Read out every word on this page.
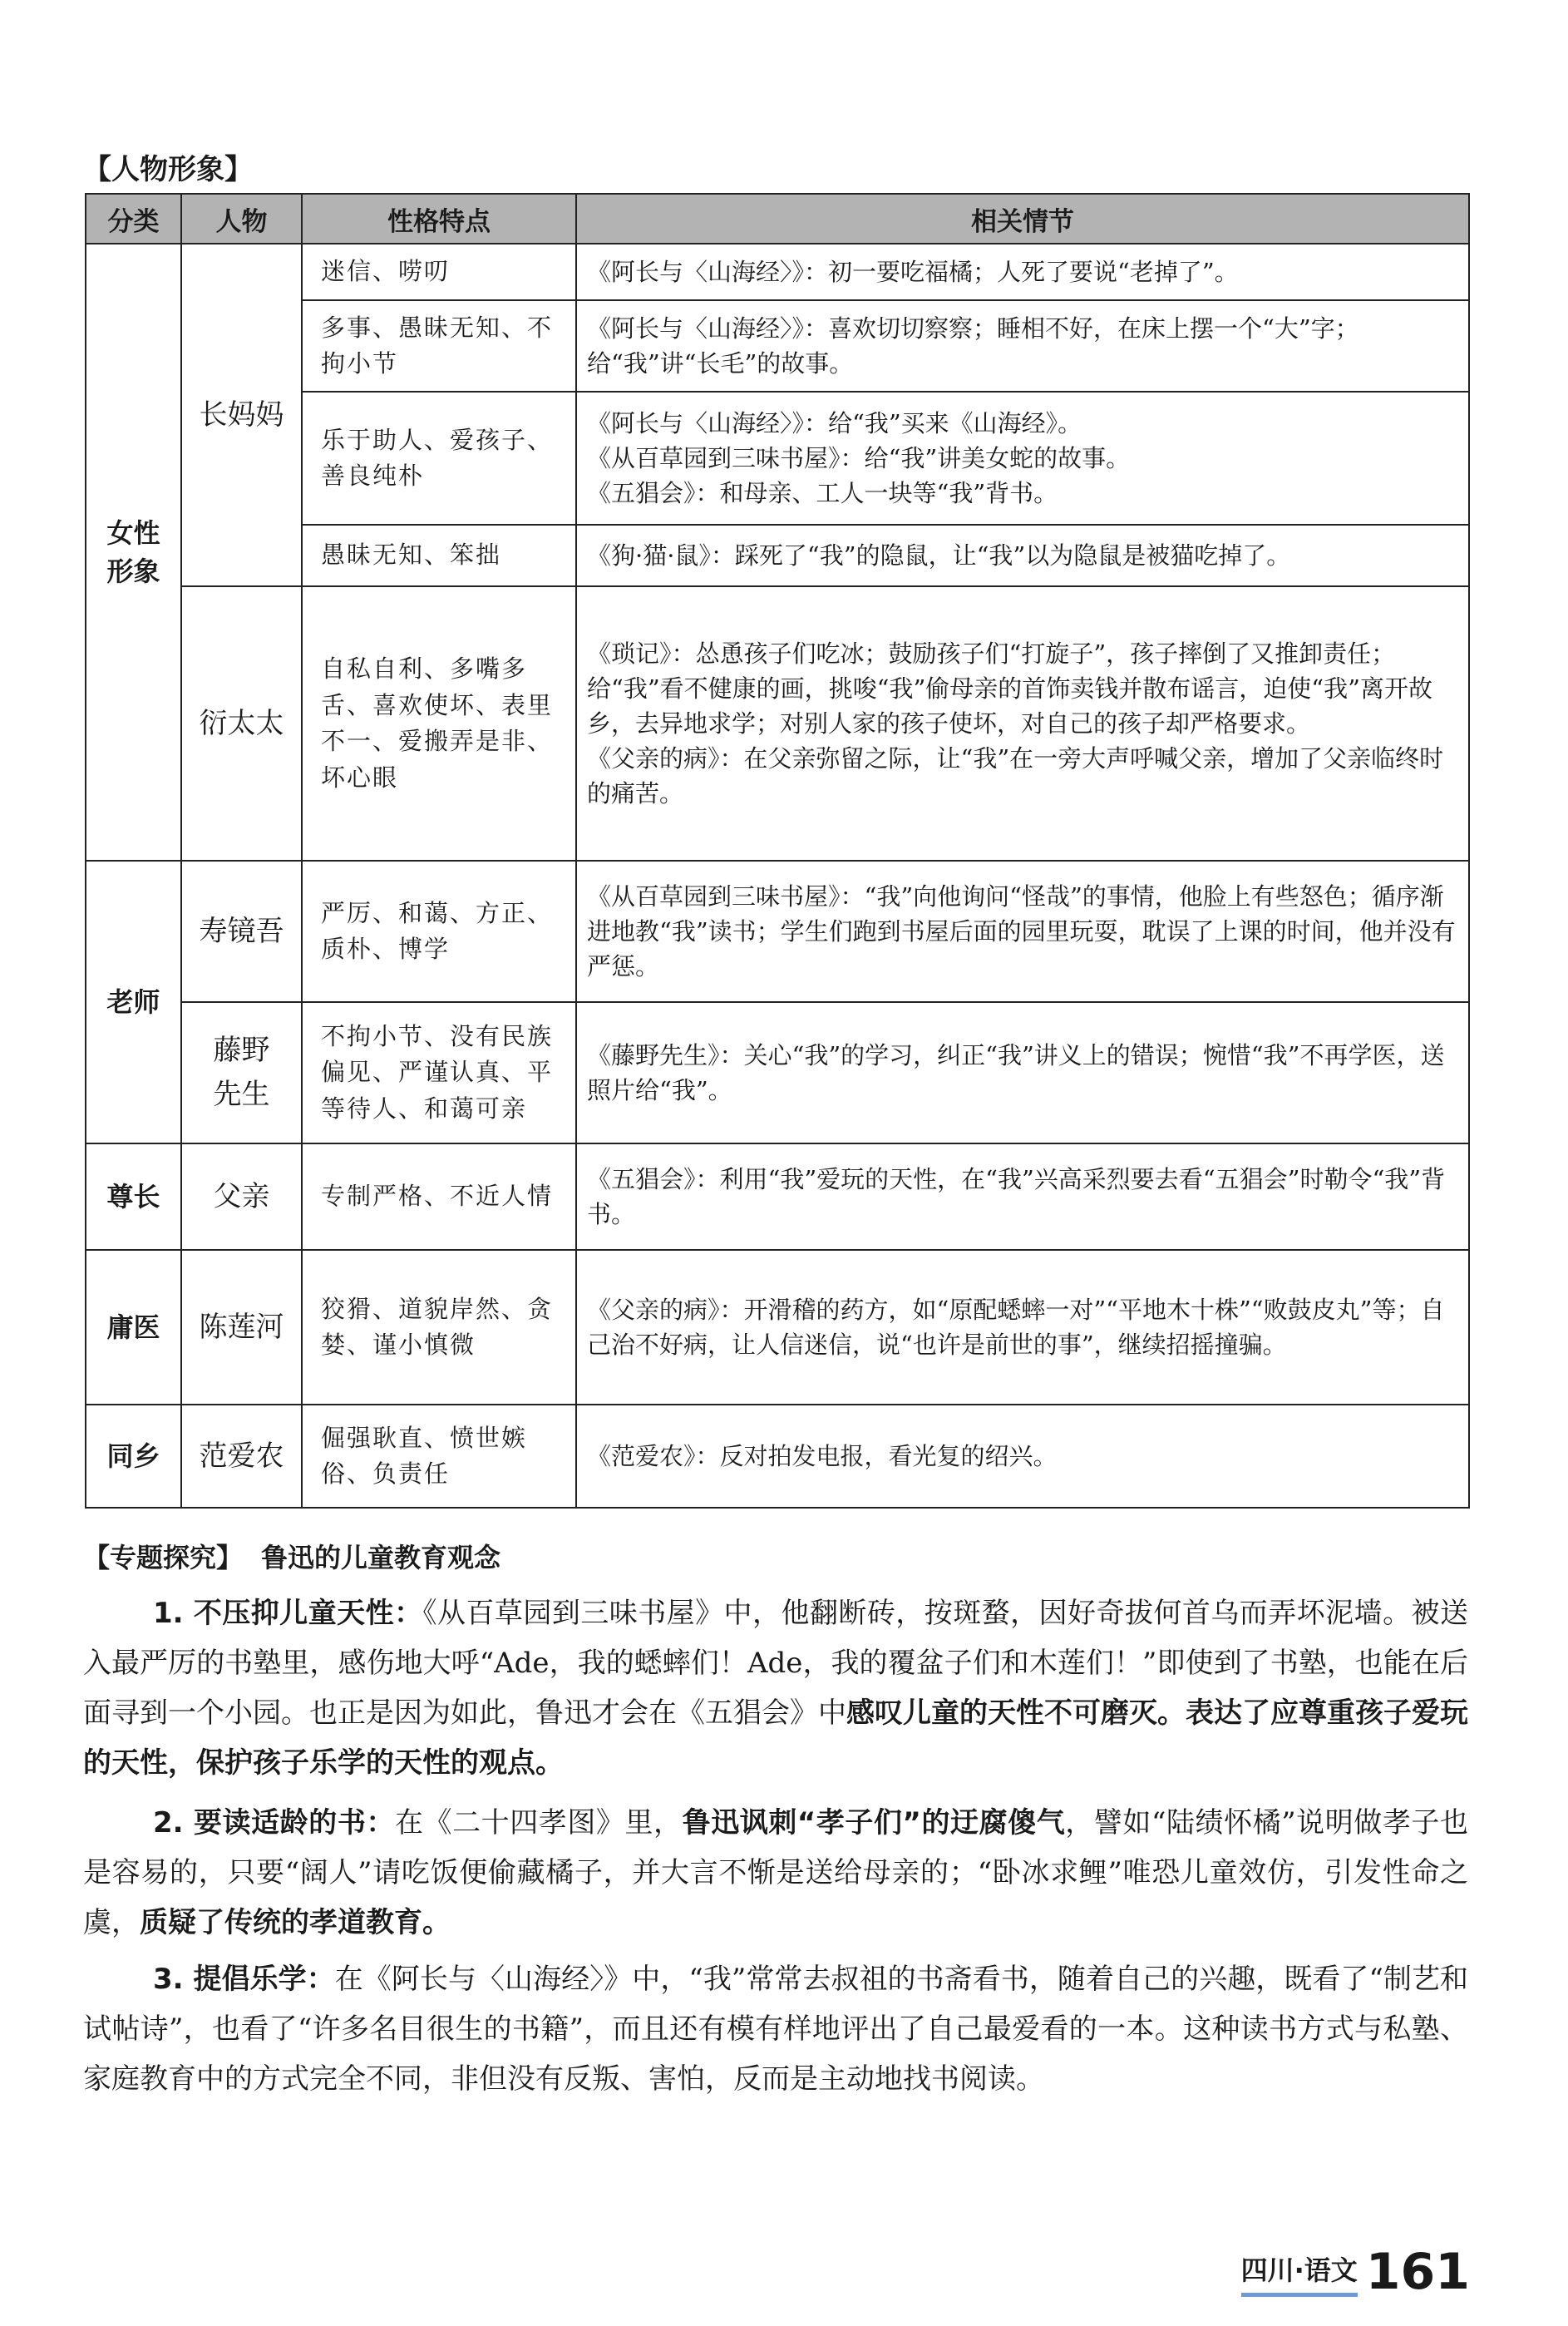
【人物形象】
分类	人物	性格特点	相关情节

女性形象	长妈妈	迷信、唠叨	《阿长与〈山海经〉》：初一要吃福橘；人死了要说“老掉了”。

		多事、愚昧无知、不拘小节	《阿长与〈山海经〉》：喜欢切切察察；睡相不好，在床上摆一个“大”字；给“我”讲“长毛”的故事。

		乐于助人、爱孩子、善良纯朴	《阿长与〈山海经〉》：给“我”买来《山海经》。
《从百草园到三味书屋》：给“我”讲美女蛇的故事。
《五猖会》：和母亲、工人一块等“我”背书。

		愚昧无知、笨拙	《狗·猫·鼠》：踩死了“我”的隐鼠，让“我”以为隐鼠是被猫吃掉了。

	衍太太	自私自利、多嘴多舌、喜欢使坏、表里不一、爱搬弄是非、坏心眼	《琐记》：怂恿孩子们吃冰；鼓励孩子们“打旋子”，孩子摔倒了又推卸责任；给“我”看不健康的画，挑唆“我”偷母亲的首饰卖钱并散布谣言，迫使“我”离开故乡，去异地求学；对别人家的孩子使坏，对自己的孩子却严格要求。
《父亲的病》：在父亲弥留之际，让“我”在一旁大声呼喊父亲，增加了父亲临终时的痛苦。

老师	寿镜吾	严厉、和蔼、方正、质朴、博学	《从百草园到三味书屋》：“我”向他询问“怪哉”的事情，他脸上有些怒色；循序渐进地教“我”读书；学生们跑到书屋后面的园里玩耍，耽误了上课的时间，他并没有严惩。

	藤野先生	不拘小节、没有民族偏见、严谨认真、平等待人、和蔼可亲	《藤野先生》：关心“我”的学习，纠正“我”讲义上的错误；惋惜“我”不再学医，送照片给“我”。

尊长	父亲	专制严格、不近人情	《五猖会》：利用“我”爱玩的天性，在“我”兴高采烈要去看“五猖会”时勒令“我”背书。

庸医	陈莲河	狡猾、道貌岸然、贪婪、谨小慎微	《父亲的病》：开滑稽的药方，如“原配蟋蟀一对”“平地木十株”“败鼓皮丸”等；自己治不好病，让人信迷信，说“也许是前世的事”，继续招摇撞骗。

同乡	范爱农	倔强耿直、愤世嫉俗、负责任	《范爱农》：反对拍发电报，看光复的绍兴。
【专题探究】 鲁迅的儿童教育观念

1. 不压抑儿童天性：《从百草园到三味书屋》中，他翻断砖，按斑蝥，因好奇拔何首乌而弄坏泥墙。被送入最严厉的书塾里，感伤地大呼“Ade，我的蟋蟀们！Ade，我的覆盆子们和木莲们！”即使到了书塾，也能在后面寻到一个小园。也正是因为如此，鲁迅才会在《五猖会》中感叹儿童的天性不可磨灭。表达了应尊重孩子爱玩的天性，保护孩子乐学的天性的观点。

2. 要读适龄的书：在《二十四孝图》里，鲁迅讽刺“孝子们”的迂腐傻气，譬如“陆绩怀橘”说明做孝子也是容易的，只要“阔人”请吃饭便偷藏橘子，并大言不惭是送给母亲的；“卧冰求鲤”唯恐儿童效仿，引发性命之虞，质疑了传统的孝道教育。

3. 提倡乐学：在《阿长与〈山海经〉》中，“我”常常去叔祖的书斋看书，随着自己的兴趣，既看了“制艺和试帖诗”，也看了“许多名目很生的书籍”，而且还有模有样地评出了自己最爱看的一本。这种读书方式与私塾、家庭教育中的方式完全不同，非但没有反叛、害怕，反而是主动地找书阅读。

四川·语文 161
